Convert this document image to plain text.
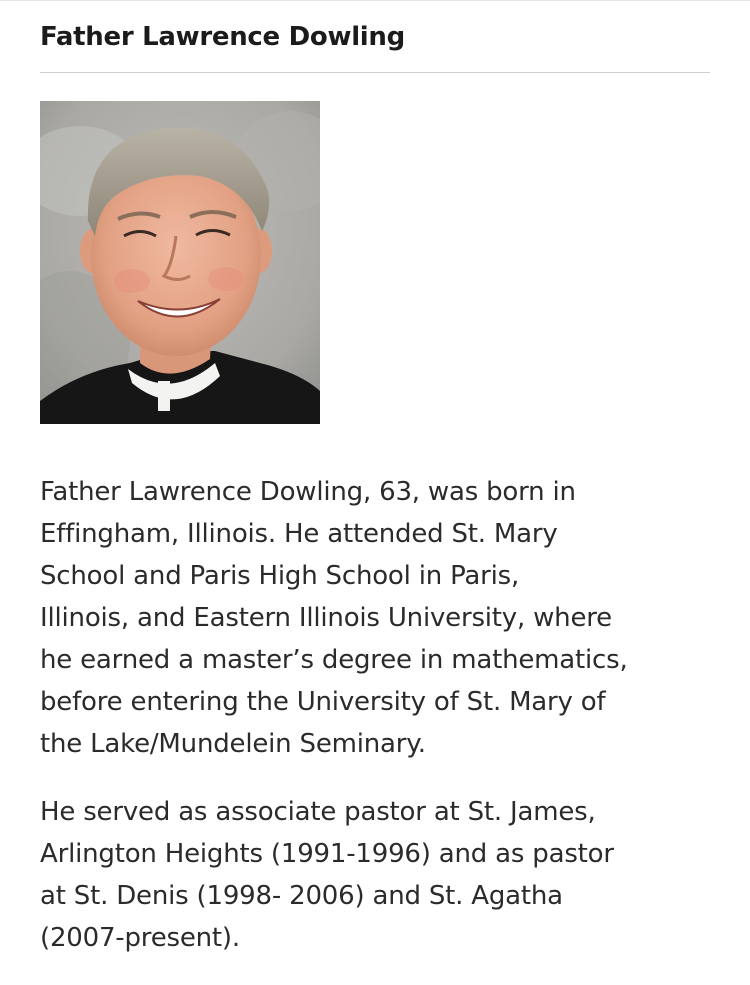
Father Lawrence Dowling

Father Lawrence Dowling, 63, was born in
Effingham, Illinois. He attended St. Mary
School and Paris High School in Paris,
Illinois, and Eastern Illinois University, where
he earned a master’s degree in mathematics,
before entering the University of St. Mary of
the Lake/Mundelein Seminary.

He served as associate pastor at St. James,
Arlington Heights (1991-1996) and as pastor
at St. Denis (1998- 2006) and St. Agatha
(2007-present).
